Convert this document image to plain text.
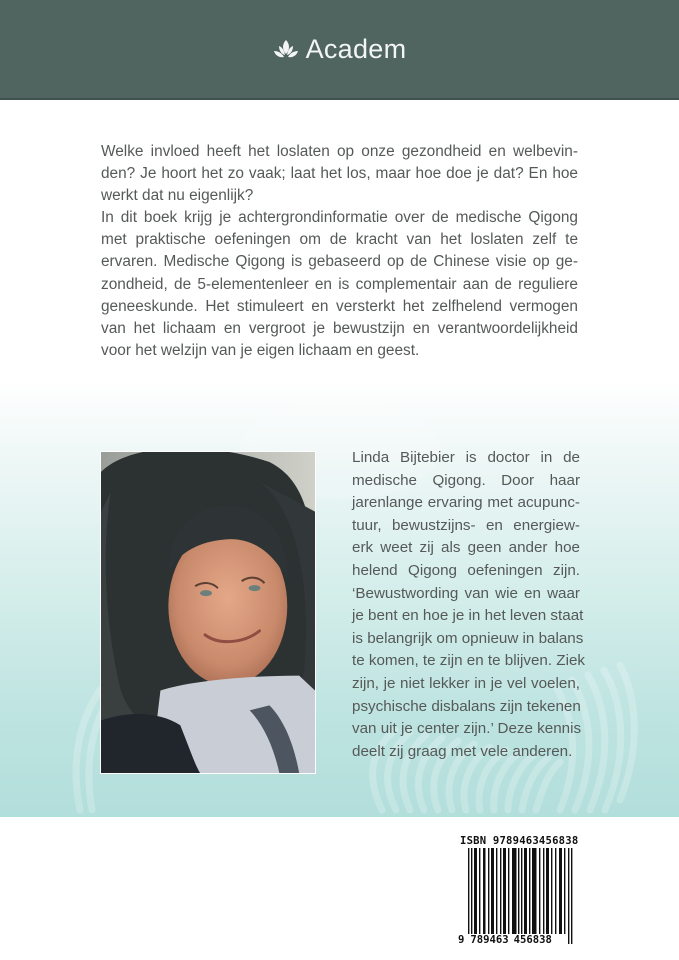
Academ
Welke invloed heeft het loslaten op onze gezondheid en welbevin-
den? Je hoort het zo vaak; laat het los, maar hoe doe je dat? En hoe
werkt dat nu eigenlijk?
In dit boek krijg je achtergrondinformatie over de medische Qigong
met praktische oefeningen om de kracht van het loslaten zelf te
ervaren. Medische Qigong is gebaseerd op de Chinese visie op ge-
zondheid, de 5-elementenleer en is complementair aan de reguliere
geneeskunde. Het stimuleert en versterkt het zelfhelend vermogen
van het lichaam en vergroot je bewustzijn en verantwoordelijkheid
voor het welzijn van je eigen lichaam en geest.
Linda Bijtebier is doctor in de
medische Qigong. Door haar
jarenlange ervaring met acupunc-
tuur, bewustzijns- en energiew-
erk weet zij als geen ander hoe
helend Qigong oefeningen zijn.
‘Bewustwording van wie en waar
je bent en hoe je in het leven staat
is belangrijk om opnieuw in balans
te komen, te zijn en te blijven. Ziek
zijn, je niet lekker in je vel voelen,
psychische disbalans zijn tekenen
van uit je center zijn.’ Deze kennis
deelt zij graag met vele anderen.
ISBN 9789463456838
9 789463 456838
